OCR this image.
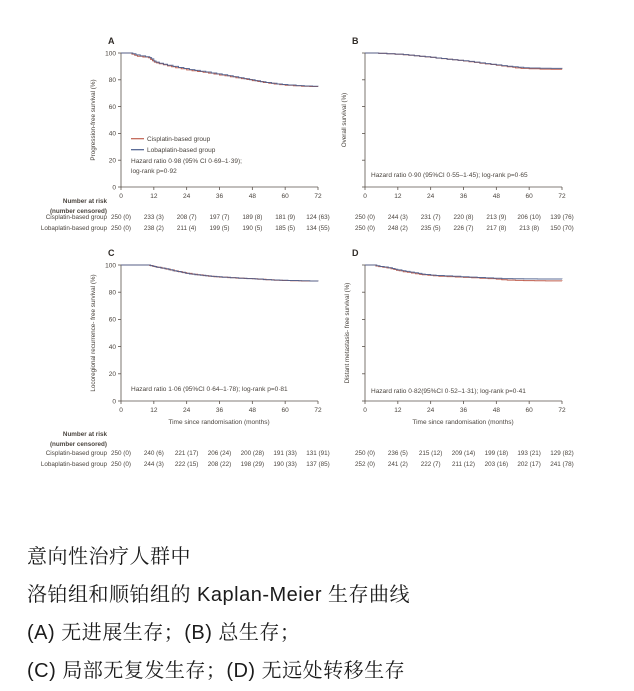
A
0
20
40
60
80
100
0	12	24	36	48	60	72
Progression-free survival (%)	Cisplatin-based group
Lobaplatin-based group
Hazard ratio 0·98 (95% CI 0·69–1·39);
log-rank p=0·92
Number at risk
(number censored)
Cisplatin-based group 250 (0) 233 (3) 208 (7) 197 (7) 189 (8) 181 (9) 124 (63)
Lobaplatin-based group 250 (0) 238 (2) 211 (4) 199 (5) 190 (5) 185 (5) 134 (55)
B
0	12	24	36	48	60	72
Overall survival (%)
Hazard ratio 0·90 (95%CI 0·55–1·45); log-rank p=0·65
250 (0) 244 (3) 231 (7) 220 (8) 213 (9) 206 (10) 139 (76)
250 (0) 248 (2) 235 (5) 226 (7) 217 (8) 213 (8) 150 (70)
C
0
20
40
60
80
100
0	12	24	36	48	60	72
Locoregional recurrence- free survival (%)
Time since randomisation (months)
Hazard ratio 1·06 (95%CI 0·64–1·78); log-rank p=0·81
Number at risk
(number censored)
Cisplatin-based group 250 (0) 240 (6) 221 (17) 206 (24) 200 (28) 191 (33) 131 (91)
Lobaplatin-based group 250 (0) 244 (3) 222 (15) 208 (22) 198 (29) 190 (33) 137 (85)
D
0	12	24	36	48	60	72
Distant metastasis- free survival (%)
Time since randomisation (months)
Hazard ratio 0·82(95%CI 0·52–1·31); log-rank p=0·41
250 (0) 236 (5) 215 (12) 209 (14) 199 (18) 193 (21) 129 (82)
252 (0) 241 (2) 222 (7) 211 (12) 203 (16) 202 (17) 241 (78)
意向性治疗人群中
洛铂组和顺铂组的 Kaplan-Meier 生存曲线
(A) 无进展生存；(B) 总生存；
(C) 局部无复发生存；(D) 无远处转移生存
